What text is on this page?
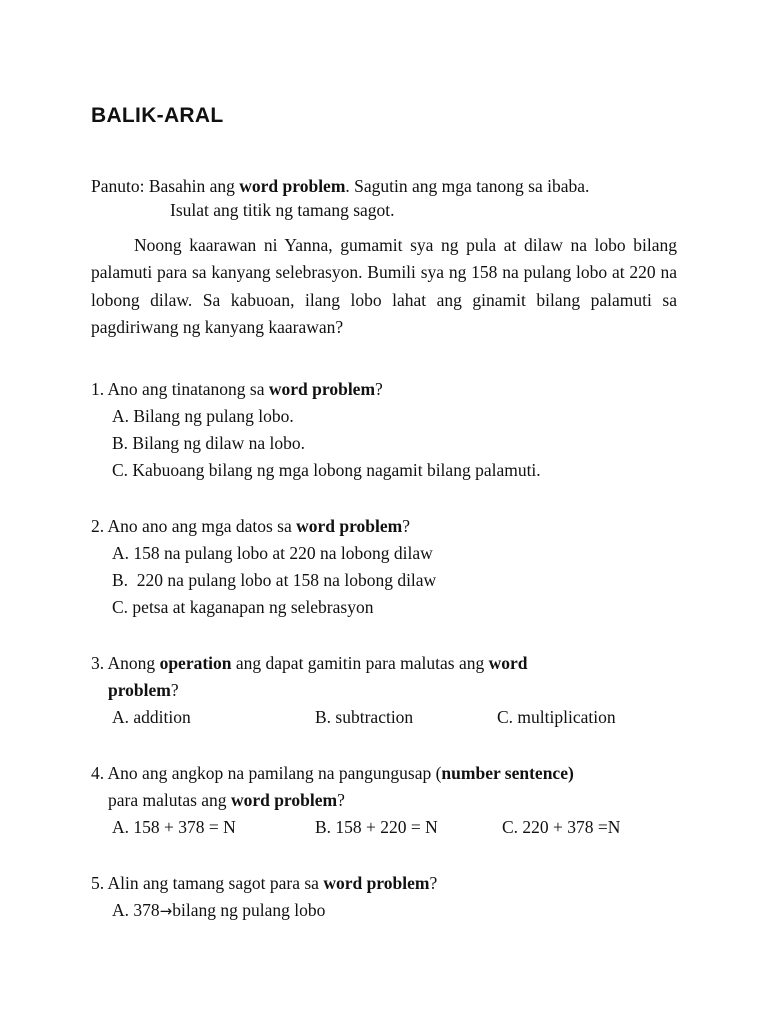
BALIK-ARAL
Panuto: Basahin ang word problem. Sagutin ang mga tanong sa ibaba.
Isulat ang titik ng tamang sagot.
Noong kaarawan ni Yanna, gumamit sya ng pula at dilaw na lobo bilang palamuti para sa kanyang selebrasyon. Bumili sya ng 158 na pulang lobo at 220 na lobong dilaw. Sa kabuoan, ilang lobo lahat ang ginamit bilang palamuti sa pagdiriwang ng kanyang kaarawan?
1. Ano ang tinatanong sa word problem?
A. Bilang ng pulang lobo.
B. Bilang ng dilaw na lobo.
C. Kabuoang bilang ng mga lobong nagamit bilang palamuti.
2. Ano ano ang mga datos sa word problem?
A. 158 na pulang lobo at 220 na lobong dilaw
B.  220 na pulang lobo at 158 na lobong dilaw
C. petsa at kaganapan ng selebrasyon
3. Anong operation ang dapat gamitin para malutas ang word
problem?
A. addition	B. subtraction	C. multiplication
4. Ano ang angkop na pamilang na pangungusap (number sentence)
para malutas ang word problem?
A. 158 + 378 = N	B. 158 + 220 = N	C. 220 + 378 =N
5. Alin ang tamang sagot para sa word problem?
A. 378→bilang ng pulang lobo
